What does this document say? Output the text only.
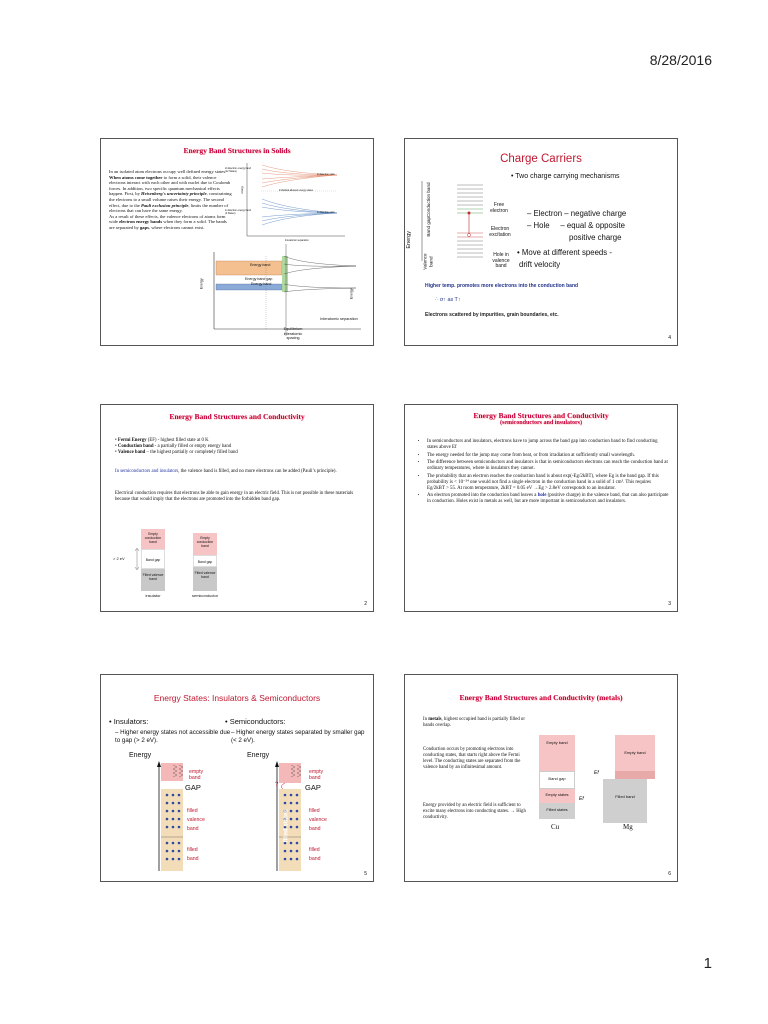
8/28/2016
Energy Band Structures in Solids
In an isolated atom electrons occupy well defined energy states
When atoms come together to form a solid, their valence electrons interact with each other and with nuclei due to Coulomb forces. In addition, two specific quantum mechanical effects happen. First, by Heisenberg's uncertainty principle, constraining the electrons to a small volume raises their energy. The second effect, due to the Pauli exclusion principle, limits the number of electrons that can have the same energy.
As a result of these effects, the valence electrons of atoms form wide electron energy bands when they form a solid. The bands are separated by gaps, where electrons cannot exist.
2s Electron energy band (12 States)
1s Electron energy band (2 States)
2s Electron state
1s Electron state
Individual allowed energy states
Energy
Interatomic separation
Energy band
Energy band gap
Energy band
Energy
Energy
Equilibrium interatomic spacing
Interatomic separation
Charge Carriers
• Two charge carrying mechanisms
Conduction band
Band gap
Valence band
Energy
Free electron
Electron excïtation
Hole in valence band
– Electron – negative charge
– Hole     – equal & opposite
positive charge
• Move at different speeds -
drift velocity
Higher temp. promotes more electrons into the conduction band
∴ σ↑ as T↑
Electrons scattered by impurities, grain boundaries, etc.
4
Energy Band Structures and Conductivity
• Fermi Energy (EF) - highest filled state at 0 K
• Conduction band - a partially filled or empty energy band
• Valence band – the highest partially or completely filled band
In semiconductors and insulators, the valence band is filled, and no more electrons can be added (Pauli’s principle).
Electrical conduction requires that electrons be able to gain energy in an electric field. This is not possible in these materials because that would imply that the electrons are promoted into the forbidden band gap.
Empty conduction band
Band gap
Filled valence band
> 2 eV
insulator
Empty conduction band
Band gap
Filled valence band
semiconductor
2
Energy Band Structures and Conductivity
(semiconductors and insulators)
• In semiconductors and insulators, electrons have to jump across the band gap into conduction band to find conducting states above Ef
• The energy needed for the jump may come from heat, or from irradiation at sufficiently small wavelength.
• The difference between semiconductors and insulators is that in semiconductors electrons can reach the conduction band at ordinary temperatures, where in insulators they cannot.
• The probability that an electron reaches the conduction band is about exp(-Eg/2kBT), where Eg is the band gap. If this probability is < 10⁻²⁴ one would not find a single electron in the conduction band in a solid of 1 cm³. This requires Eg/2kBT > 55. At room temperature, 2kBT = 0.05 eV →Eg > 2.8eV corresponds to an insulator.
• An electron promoted into the conduction band leaves a hole (positive charge) in the valence band, that can also participate in conduction. Holes exist in metals as well, but are more important in semiconductors and insulators.
3
Energy States: Insulators & Semiconductors
• Insulators:
– Higher energy states not accessible due to gap (> 2 eV).
• Semiconductors:
– Higher energy states separated by smaller gap (< 2 eV).
Energy	Energy
empty band
GAP
filled valence band
filled band
?
filled states
empty band
GAP
filled valence band
filled band
5
Energy Band Structures and Conductivity (metals)
In metals, highest occupied band is partially filled or bands overlap.
Conduction occurs by promoting electrons into conducting states, that starts right above the Fermi level. The conducting states are separated from the valence band by an infinitesimal amount.
Energy provided by an electric field is sufficient to excite many electrons into conducting states. → High conductivity.
Empty band
Band gap
Empty states
Filled states
Ef
Cu
Empty band
Filled band
Ef
Mg
6
1
